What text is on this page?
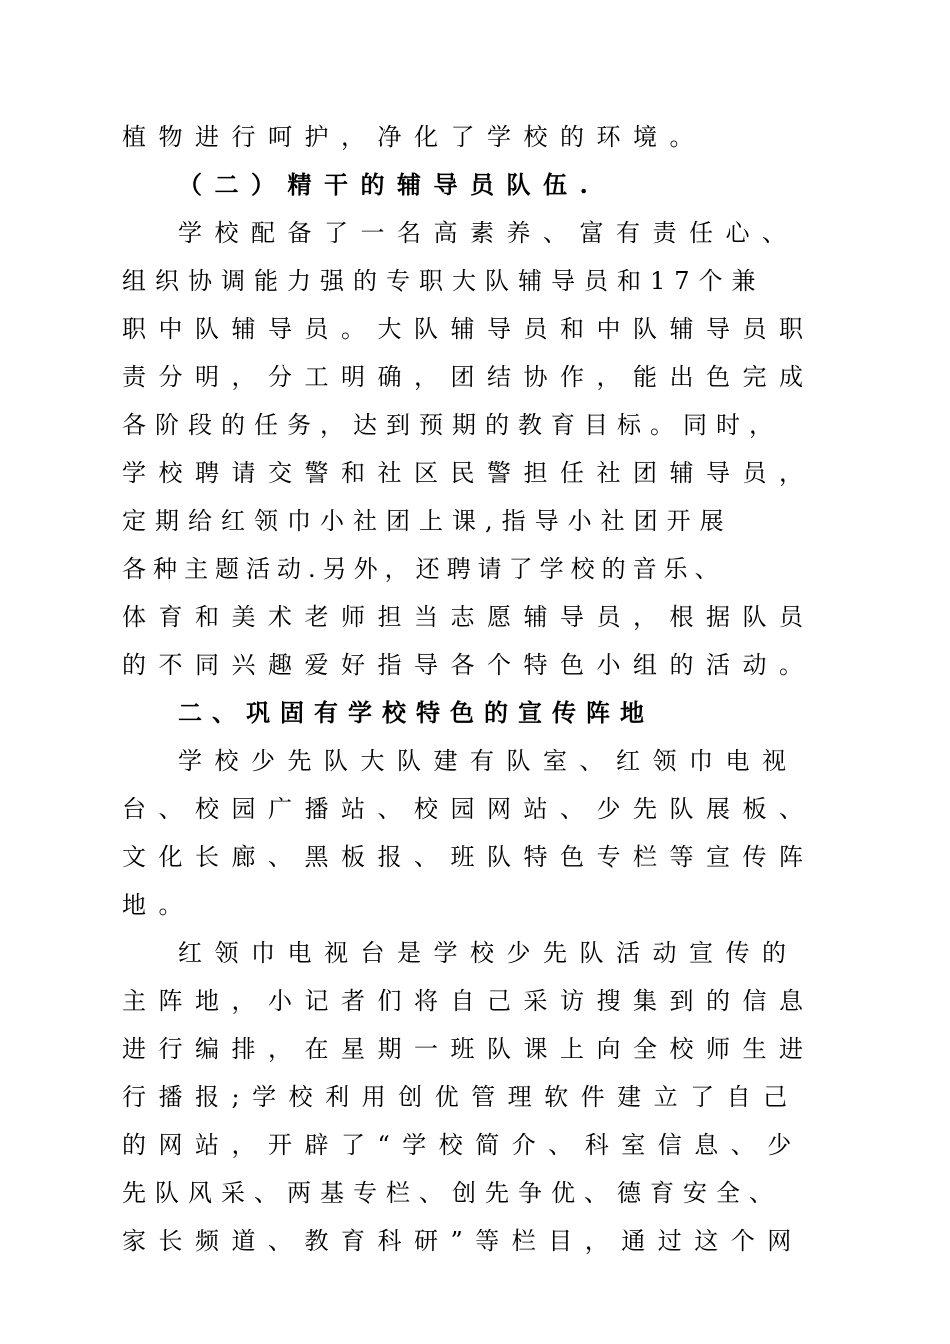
植物进行呵护，净化了学校的环境。
（二）精干的辅导员队伍.
学校配备了一名高素养、富有责任心、
组织协调能力强的专职大队辅导员和17个兼
职中队辅导员。大队辅导员和中队辅导员职
责分明，分工明确，团结协作，能出色完成
各阶段的任务，达到预期的教育目标。同时，
学校聘请交警和社区民警担任社团辅导员，
定期给红领巾小社团上课,指导小社团开展
各种主题活动.另外，还聘请了学校的音乐、
体育和美术老师担当志愿辅导员，根据队员
的不同兴趣爱好指导各个特色小组的活动。
二、巩固有学校特色的宣传阵地
学校少先队大队建有队室、红领巾电视
台、校园广播站、校园网站、少先队展板、
文化长廊、黑板报、班队特色专栏等宣传阵
地。
红领巾电视台是学校少先队活动宣传的
主阵地，小记者们将自己采访搜集到的信息
进行编排，在星期一班队课上向全校师生进
行播报;学校利用创优管理软件建立了自己
的网站，开辟了“学校简介、科室信息、少
先队风采、两基专栏、创先争优、德育安全、
家长频道、教育科研”等栏目，通过这个网
